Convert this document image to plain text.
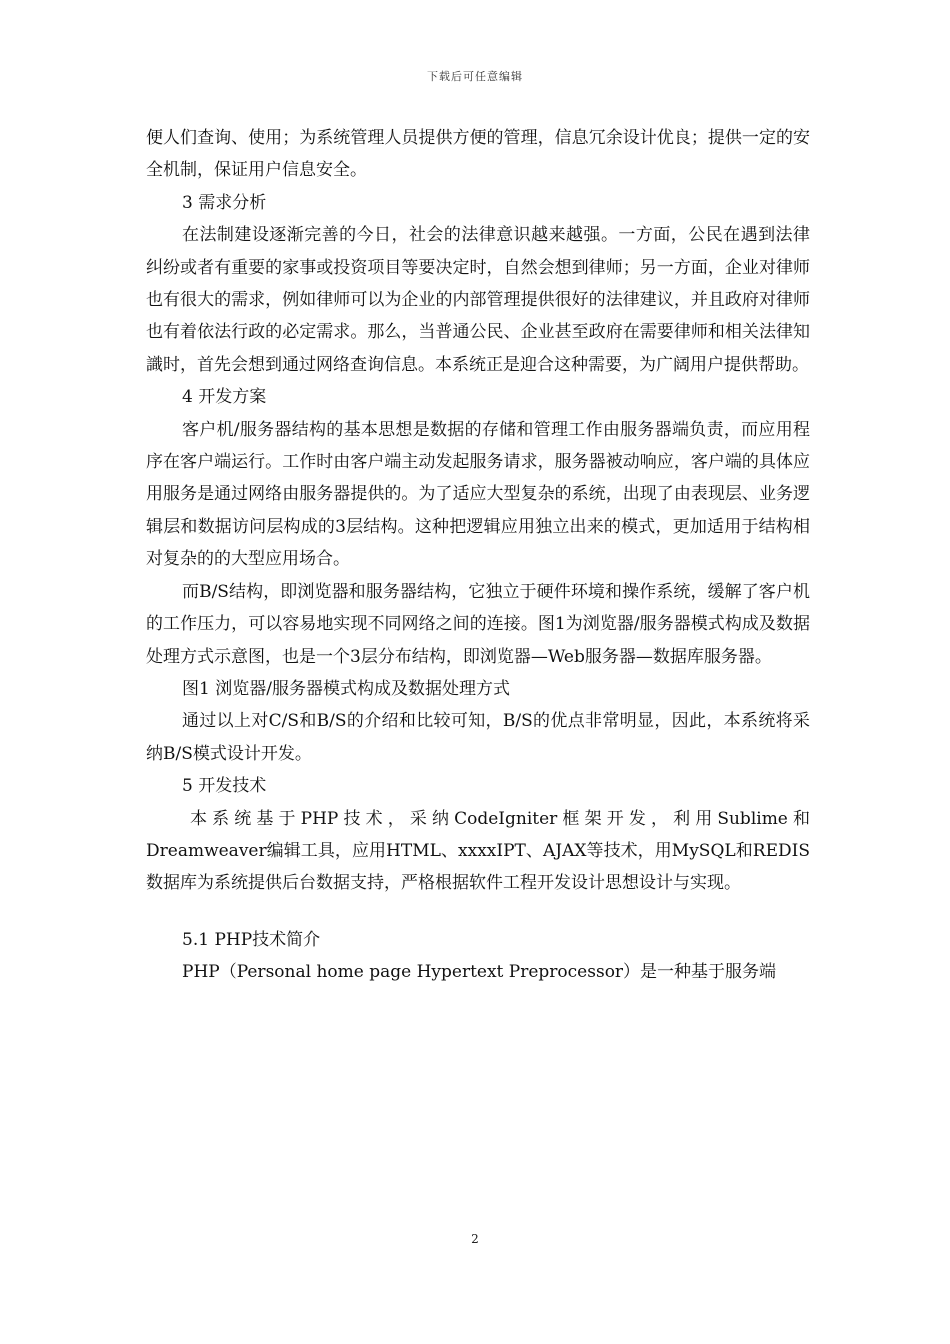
下载后可任意编辑

便人们查询、使用；为系统管理人员提供方便的管理，信息冗余设计优良；提供一定的安全机制，保证用户信息安全。

3 需求分析

在法制建设逐渐完善的今日，社会的法律意识越来越强。一方面，公民在遇到法律纠纷或者有重要的家事或投资项目等要决定时，自然会想到律师；另一方面，企业对律师也有很大的需求，例如律师可以为企业的内部管理提供很好的法律建议，并且政府对律师也有着依法行政的必定需求。那么，当普通公民、企业甚至政府在需要律师和相关法律知識时，首先会想到通过网络查询信息。本系统正是迎合这种需要，为广阔用户提供帮助。

4 开发方案

客户机/服务器结构的基本思想是数据的存储和管理工作由服务器端负责，而应用程序在客户端运行。工作时由客户端主动发起服务请求，服务器被动响应，客户端的具体应用服务是通过网络由服务器提供的。为了适应大型复杂的系统，出现了由表现层、业务逻辑层和数据访问层构成的3层结构。这种把逻辑应用独立出来的模式，更加适用于结构相对复杂的的大型应用场合。

而B/S结构，即浏览器和服务器结构，它独立于硬件环境和操作系统，缓解了客户机的工作压力，可以容易地实现不同网络之间的连接。图1为浏览器/服务器模式构成及数据处理方式示意图，也是一个3层分布结构，即浏览器—Web服务器—数据库服务器。

图1 浏览器/服务器模式构成及数据处理方式

通过以上对C/S和B/S的介绍和比较可知，B/S的优点非常明显，因此，本系统将采纳B/S模式设计开发。

5 开发技术

本系统基于PHP技术，采纳CodeIgniter框架开发，利用Sublime和Dreamweaver编辑工具，应用HTML、xxxxIPT、AJAX等技术，用MySQL和REDIS数据库为系统提供后台数据支持，严格根据软件工程开发设计思想设计与实现。

5.1 PHP技术简介

PHP（Personal home page Hypertext Preprocessor）是一种基于服务端

2
